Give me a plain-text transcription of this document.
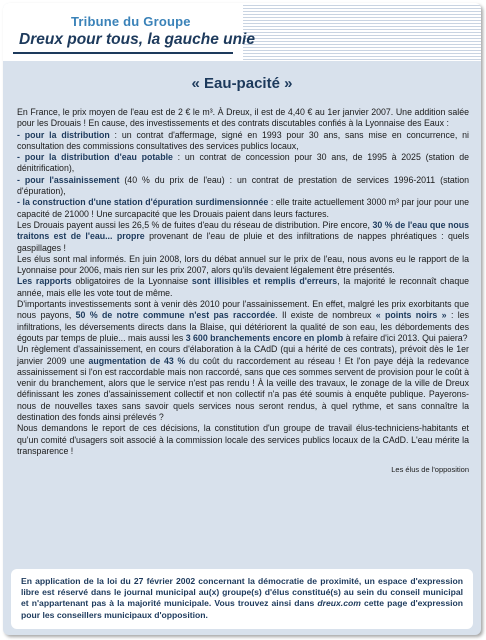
Tribune du Groupe
Dreux pour tous, la gauche unie
« Eau-pacité »

En France, le prix moyen de l'eau est de 2 € le m³. À Dreux, il est de 4,40 € au 1er janvier 2007. Une addition salée pour les Drouais ! En cause, des investissements et des contrats discutables confiés à la Lyonnaise des Eaux :

- pour la distribution : un contrat d'affermage, signé en 1993 pour 30 ans, sans mise en concurrence, ni consultation des commissions consultatives des services publics locaux,

- pour la distribution d'eau potable : un contrat de concession pour 30 ans, de 1995 à 2025 (station de dénitrification),

- pour l'assainissement (40 % du prix de l'eau) : un contrat de prestation de services 1996-2011 (station d'épuration),

- la construction d'une station d'épuration surdimensionnée : elle traite actuellement 3000 m³ par jour pour une capacité de 21000 ! Une surcapacité que les Drouais paient dans leurs factures.

Les Drouais payent aussi les 26,5 % de fuites d'eau du réseau de distribution. Pire encore, 30 % de l'eau que nous traitons est de l'eau... propre provenant de l'eau de pluie et des infiltrations de nappes phréatiques : quels gaspillages !

Les élus sont mal informés. En juin 2008, lors du débat annuel sur le prix de l'eau, nous avons eu le rapport de la Lyonnaise pour 2006, mais rien sur les prix 2007, alors qu'ils devaient légalement être présentés.

Les rapports obligatoires de la Lyonnaise sont illisibles et remplis d'erreurs, la majorité le reconnaît chaque année, mais elle les vote tout de même.

D'importants investissements sont à venir dès 2010 pour l'assainissement. En effet, malgré les prix exorbitants que nous payons, 50 % de notre commune n'est pas raccordée. Il existe de nombreux « points noirs » : les infiltrations, les déversements directs dans la Blaise, qui détériorent la qualité de son eau, les débordements des égouts par temps de pluie... mais aussi les 3 600 branchements encore en plomb à refaire d'ici 2013. Qui paiera?

Un règlement d'assainissement, en cours d'élaboration à la CAdD (qui a hérité de ces contrats), prévoit dès le 1er janvier 2009 une augmentation de 43 % du coût du raccordement au réseau ! Et l'on paye déjà la redevance assainissement si l'on est raccordable mais non raccordé, sans que ces sommes servent de provision pour le coût à venir du branchement, alors que le service n'est pas rendu ! À la veille des travaux, le zonage de la ville de Dreux définissant les zones d'assainissement collectif et non collectif n'a pas été soumis à enquête publique. Payerons-nous de nouvelles taxes sans savoir quels services nous seront rendus, à quel rythme, et sans connaître la destination des fonds ainsi prélevés ?

Nous demandons le report de ces décisions, la constitution d'un groupe de travail élus-techniciens-habitants et qu'un comité d'usagers soit associé à la commission locale des services publics locaux de la CAdD. L'eau mérite la transparence !

Les élus de l'opposition
En application de la loi du 27 février 2002 concernant la démocratie de proximité, un espace d'expression libre est réservé dans le journal municipal au(x) groupe(s) d'élus constitué(s) au sein du conseil municipal et n'appartenant pas à la majorité municipale. Vous trouvez ainsi dans dreux.com cette page d'expression pour les conseillers municipaux d'opposition.
